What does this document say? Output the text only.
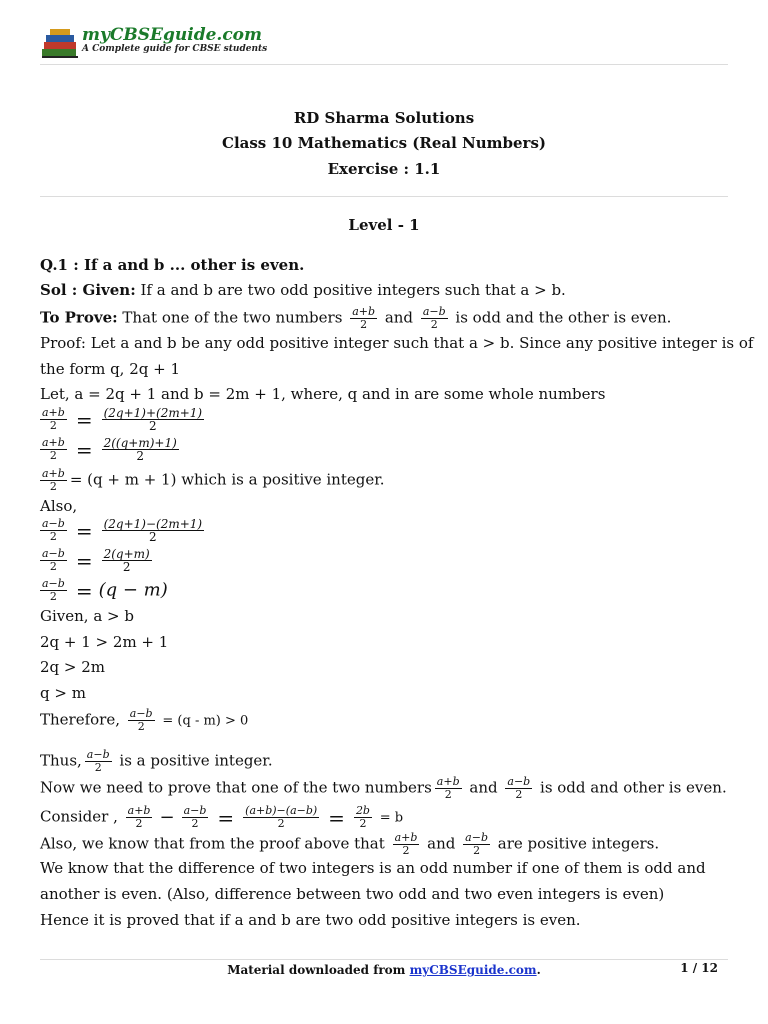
myCBSEguide.com
A Complete guide for CBSE students
RD Sharma Solutions
Class 10 Mathematics (Real Numbers)
Exercise : 1.1
Level - 1
Q.1 : If a and b ... other is even.
Sol : Given: If a and b are two odd positive integers such that a > b.
To Prove: That one of the two numbers $\frac{a+b}{2}$ and $\frac{a-b}{2}$ is odd and the other is even.
Proof: Let a and b be any odd positive integer such that a > b. Since any positive integer is of
the form q, 2q + 1
Let, a = 2q + 1 and b = 2m + 1, where, q and in are some whole numbers
$\frac{a+b}{2} = \frac{(2q+1)+(2m+1)}{2}$
$\frac{a+b}{2} = \frac{2((q+m)+1)}{2}$
$\frac{a+b}{2} = (q + m + 1)$ which is a positive integer.
Also,
$\frac{a-b}{2} = \frac{(2q+1)-(2m+1)}{2}$
$\frac{a-b}{2} = \frac{2(q+m)}{2}$
$\frac{a-b}{2} = (q - m)$
Given, a > b
2q + 1 > 2m + 1
2q > 2m
q > m
Therefore, $\frac{a-b}{2} = (q - m) > 0$
Thus, $\frac{a-b}{2}$ is a positive integer.
Now we need to prove that one of the two numbers $\frac{a+b}{2}$ and $\frac{a-b}{2}$ is odd and other is even.
Consider , $\frac{a+b}{2} - \frac{a-b}{2} = \frac{(a+b)-(a-b)}{2} = \frac{2b}{2} = b$
Also, we know that from the proof above that $\frac{a+b}{2}$ and $\frac{a-b}{2}$ are positive integers.
We know that the difference of two integers is an odd number if one of them is odd and
another is even. (Also, difference between two odd and two even integers is even)
Hence it is proved that if a and b are two odd positive integers is even.
Material downloaded from myCBSEguide.com.	1 / 12
